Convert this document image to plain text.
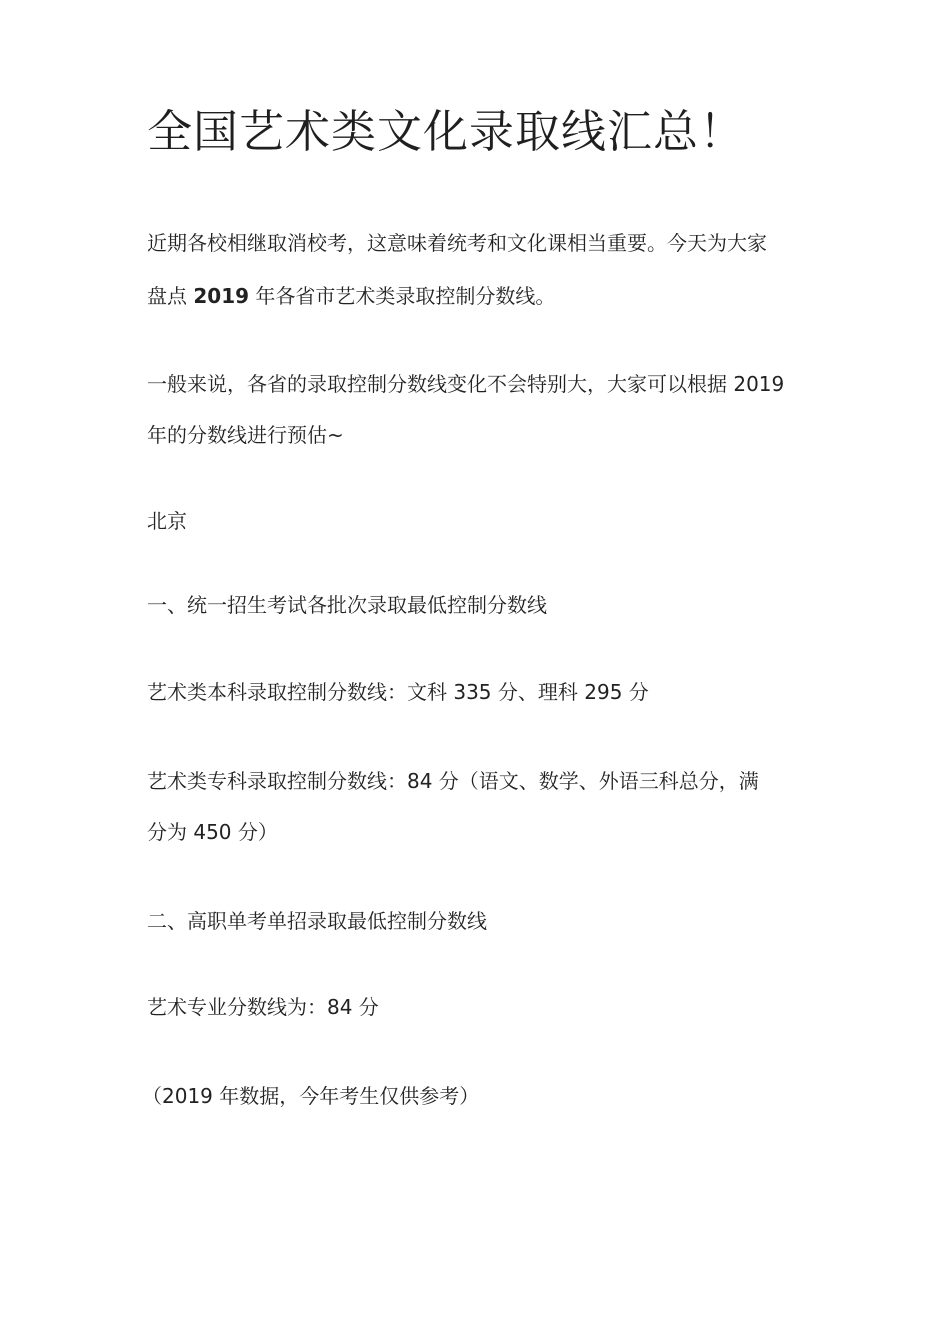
全国艺术类文化录取线汇总！

近期各校相继取消校考，这意味着统考和文化课相当重要。今天为大家

盘点 2019 年各省市艺术类录取控制分数线。

一般来说，各省的录取控制分数线变化不会特别大，大家可以根据 2019

年的分数线进行预估~

北京

一、统一招生考试各批次录取最低控制分数线

艺术类本科录取控制分数线：文科 335 分、理科 295 分

艺术类专科录取控制分数线：84 分（语文、数学、外语三科总分，满

分为 450 分）

二、高职单考单招录取最低控制分数线

艺术专业分数线为：84 分

（2019 年数据，今年考生仅供参考）
